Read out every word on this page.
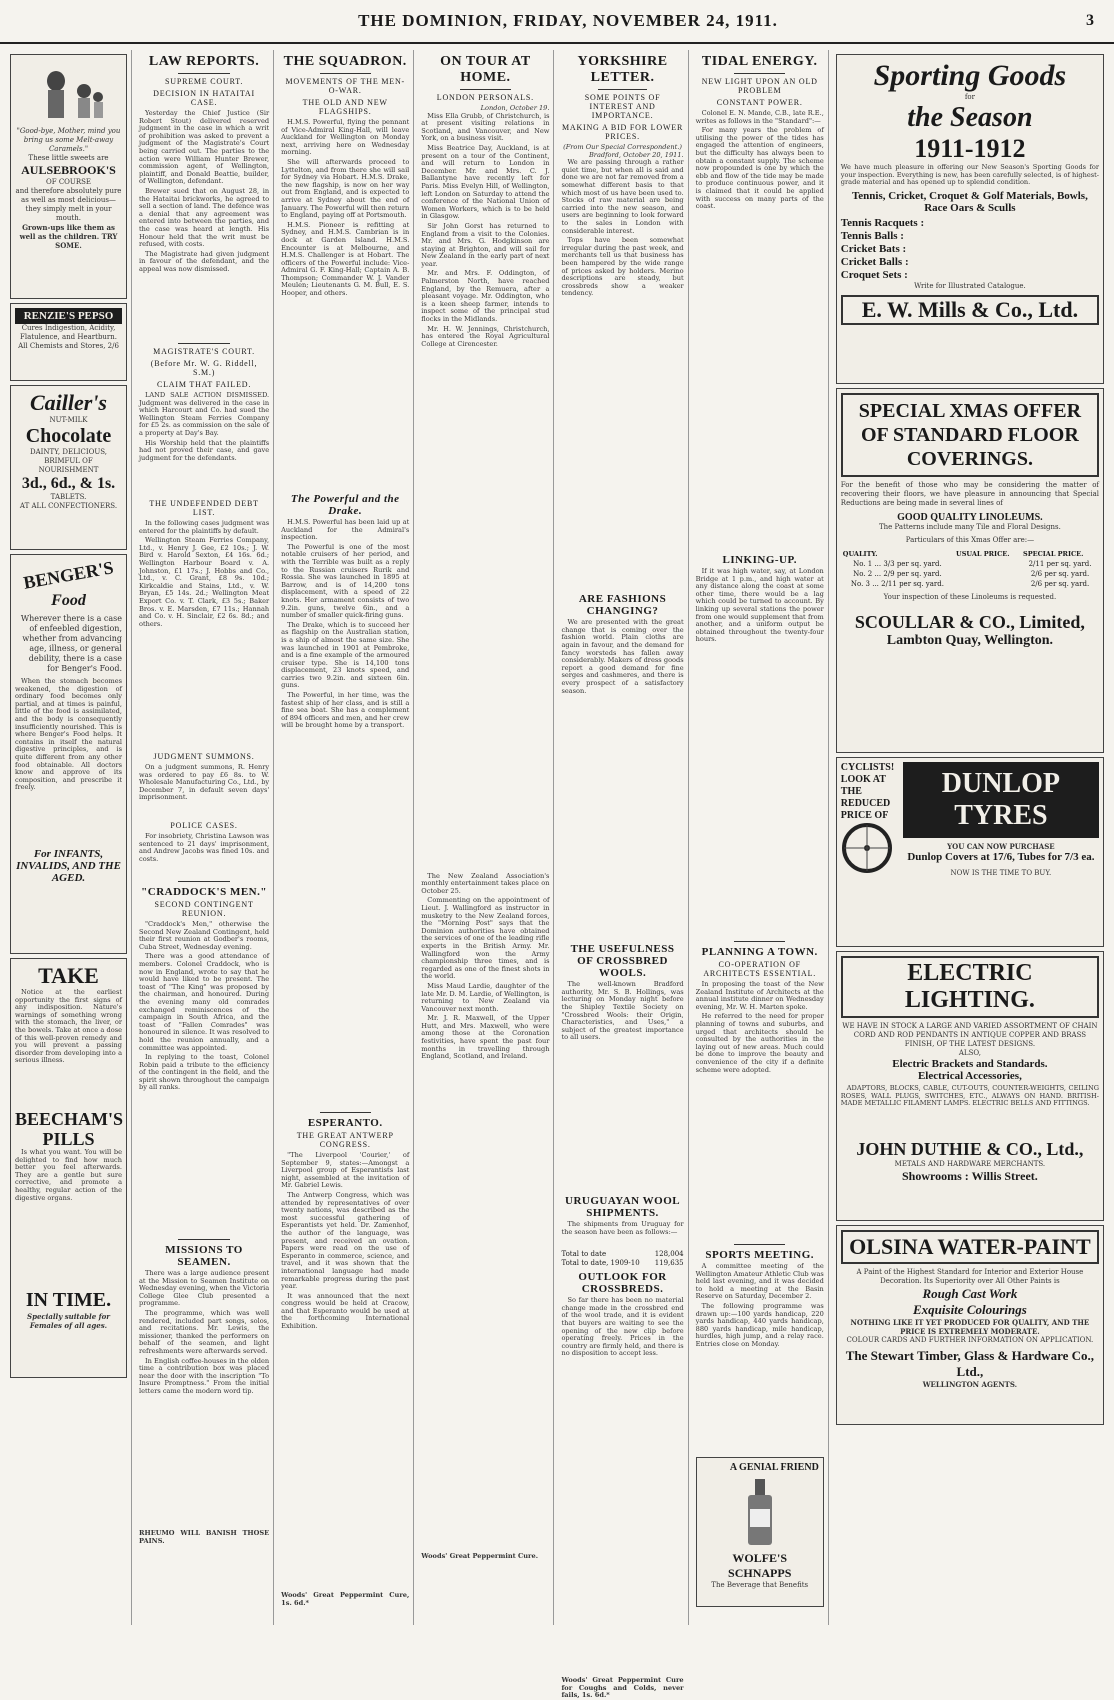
THE DOMINION, FRIDAY, NOVEMBER 24, 1911.	3
"Good-bye, Mother, mind you bring us some Melt-away Caramels."
These little sweets are
AULSEBROOK'S
OF COURSE
and therefore absolutely pure as well as most delicious—they simply melt in your mouth.
Grown-ups like them as well as the children. TRY SOME.
RENZIE'S PEPSO
Cures Indigestion, Acidity, Flatulence, and Heartburn.
All Chemists and Stores, 2/6
Cailler's
NUT-MILK
Chocolate
DAINTY, DELICIOUS, BRIMFUL OF NOURISHMENT
3d., 6d., & 1s.
TABLETS.
AT ALL CONFECTIONERS.
BENGER'S
Food
Wherever there is a case of enfeebled digestion, whether from advancing age, illness, or general debility, there is a case for Benger's Food.

When the stomach becomes weakened, the digestion of ordinary food becomes only partial, and at times is painful, little of the food is assimilated, and the body is consequently insufficiently nourished. This is where Benger's Food helps. It contains in itself the natural digestive principles, and is quite different from any other food obtainable. All doctors know and approve of its composition, and prescribe it freely.

For INFANTS, INVALIDS, AND THE AGED.
TAKE

Notice at the earliest opportunity the first signs of any indisposition. Nature's warnings of something wrong with the stomach, the liver, or the bowels. Take at once a dose of this well-proven remedy and you will prevent a passing disorder from developing into a serious illness.

BEECHAM'S PILLS

Is what you want. You will be delighted to find how much better you feel afterwards. They are a gentle but sure corrective, and promote a healthy, regular action of the digestive organs.

IN TIME.
Specially suitable for Females of all ages.
LAW REPORTS.
SUPREME COURT.
DECISION IN HATAITAI CASE.

Yesterday the Chief Justice (Sir Robert Stout) delivered reserved judgment in the case in which a writ of prohibition was asked to prevent a judgment of the Magistrate's Court being carried out. The parties to the action were William Hunter Brewer, commission agent, of Wellington, plaintiff, and Donald Beattie, builder, of Wellington, defendant.

Brewer sued that on August 28, in the Hataitai brickworks, he agreed to sell a section of land. The defence was a denial that any agreement was entered into between the parties, and the case was heard at length. His Honour held that the writ must be refused, with costs.

The Magistrate had given judgment in favour of the defendant, and the appeal was now dismissed.

MAGISTRATE'S COURT.
(Before Mr. W. G. Riddell, S.M.)
CLAIM THAT FAILED.

LAND SALE ACTION DISMISSED. Judgment was delivered in the case in which Harcourt and Co. had sued the Wellington Steam Ferries Company for £5 2s. as commission on the sale of a property at Day's Bay.

His Worship held that the plaintiffs had not proved their case, and gave judgment for the defendants.

THE UNDEFENDED DEBT LIST.

In the following cases judgment was entered for the plaintiffs by default.

Wellington Steam Ferries Company, Ltd., v. Henry J. Gee, £2 10s.; J. W. Bird v. Harold Sexton, £4 16s. 6d.; Wellington Harbour Board v. A. Johnston, £1 17s.; J. Hobbs and Co., Ltd., v. C. Grant, £8 9s. 10d.; Kirkcaldie and Stains, Ltd., v. W. Bryan, £5 14s. 2d.; Wellington Meat Export Co. v. T. Clark, £3 5s.; Baker Bros. v. E. Marsden, £7 11s.; Hannah and Co. v. H. Sinclair, £2 6s. 8d.; and others.

JUDGMENT SUMMONS.

On a judgment summons, R. Henry was ordered to pay £6 8s. to W. Wholesale Manufacturing Co., Ltd., by December 7, in default seven days' imprisonment.

POLICE CASES.

For insobriety, Christina Lawson was sentenced to 21 days' imprisonment, and Andrew Jacobs was fined 10s. and costs.

"CRADDOCK'S MEN."
SECOND CONTINGENT REUNION.

"Craddock's Men," otherwise the Second New Zealand Contingent, held their first reunion at Godber's rooms, Cuba Street, Wednesday evening.

There was a good attendance of members. Colonel Craddock, who is now in England, wrote to say that he would have liked to be present. The toast of "The King" was proposed by the chairman, and honoured. During the evening many old comrades exchanged reminiscences of the campaign in South Africa, and the toast of "Fallen Comrades" was honoured in silence. It was resolved to hold the reunion annually, and a committee was appointed.

In replying to the toast, Colonel Robin paid a tribute to the efficiency of the contingent in the field, and the spirit shown throughout the campaign by all ranks.

MISSIONS TO SEAMEN.

There was a large audience present at the Mission to Seamen Institute on Wednesday evening, when the Victoria College Glee Club presented a programme.

The programme, which was well rendered, included part songs, solos, and recitations. Mr. Lewis, the missioner, thanked the performers on behalf of the seamen, and light refreshments were afterwards served.

In English coffee-houses in the olden time a contribution box was placed near the door with the inscription "To Insure Promptness." From the initial letters came the modern word tip.

RHEUMO WILL BANISH THOSE PAINS.
THE SQUADRON.
MOVEMENTS OF THE MEN-O-WAR.
THE OLD AND NEW FLAGSHIPS.

H.M.S. Powerful, flying the pennant of Vice-Admiral King-Hall, will leave Auckland for Wellington on Monday next, arriving here on Wednesday morning.

She will afterwards proceed to Lyttelton, and from there she will sail for Sydney via Hobart. H.M.S. Drake, the new flagship, is now on her way out from England, and is expected to arrive at Sydney about the end of January. The Powerful will then return to England, paying off at Portsmouth.

H.M.S. Pioneer is refitting at Sydney, and H.M.S. Cambrian is in dock at Garden Island. H.M.S. Encounter is at Melbourne, and H.M.S. Challenger is at Hobart. The officers of the Powerful include: Vice-Admiral G. F. King-Hall; Captain A. B. Thompson; Commander W. J. Vander Meulen; Lieutenants G. M. Bull, E. S. Hooper, and others.

The Powerful and the Drake.

H.M.S. Powerful has been laid up at Auckland for the Admiral's inspection.

The Powerful is one of the most notable cruisers of her period, and with the Terrible was built as a reply to the Russian cruisers Rurik and Rossia. She was launched in 1895 at Barrow, and is of 14,200 tons displacement, with a speed of 22 knots. Her armament consists of two 9.2in. guns, twelve 6in., and a number of smaller quick-firing guns.

The Drake, which is to succeed her as flagship on the Australian station, is a ship of almost the same size. She was launched in 1901 at Pembroke, and is a fine example of the armoured cruiser type. She is 14,100 tons displacement, 23 knots speed, and carries two 9.2in. and sixteen 6in. guns.

The Powerful, in her time, was the fastest ship of her class, and is still a fine sea boat. She has a complement of 894 officers and men, and her crew will be brought home by a transport.

ESPERANTO.
THE GREAT ANTWERP CONGRESS.

"The Liverpool 'Courier,' of September 9, states:—Amongst a Liverpool group of Esperantists last night, assembled at the invitation of Mr. Gabriel Lewis.

The Antwerp Congress, which was attended by representatives of over twenty nations, was described as the most successful gathering of Esperantists yet held. Dr. Zamenhof, the author of the language, was present, and received an ovation. Papers were read on the use of Esperanto in commerce, science, and travel, and it was shown that the international language had made remarkable progress during the past year.

It was announced that the next congress would be held at Cracow, and that Esperanto would be used at the forthcoming International Exhibition.

Woods' Great Peppermint Cure, 1s. 6d.*
ON TOUR AT HOME.
LONDON PERSONALS.
London, October 19.

Miss Ella Grubb, of Christchurch, is at present visiting relations in Scotland, and Vancouver, and New York, on a business visit.

Miss Beatrice Day, Auckland, is at present on a tour of the Continent, and will return to London in December. Mr. and Mrs. C. J. Ballantyne have recently left for Paris. Miss Evelyn Hill, of Wellington, left London on Saturday to attend the conference of the National Union of Women Workers, which is to be held in Glasgow.

Sir John Gorst has returned to England from a visit to the Colonies. Mr. and Mrs. G. Hodgkinson are staying at Brighton, and will sail for New Zealand in the early part of next year.

Mr. and Mrs. F. Oddington, of Palmerston North, have reached England, by the Remuera, after a pleasant voyage. Mr. Oddington, who is a keen sheep farmer, intends to inspect some of the principal stud flocks in the Midlands.

Mr. H. W. Jennings, Christchurch, has entered the Royal Agricultural College at Cirencester.

The New Zealand Association's monthly entertainment takes place on October 25.

Commenting on the appointment of Lieut. J. Wallingford as instructor in musketry to the New Zealand forces, the "Morning Post" says that the Dominion authorities have obtained the services of one of the leading rifle experts in the British Army. Mr. Wallingford won the Army championship three times, and is regarded as one of the finest shots in the world.

Miss Maud Lardie, daughter of the late Mr. D. M. Lardie, of Wellington, is returning to New Zealand via Vancouver next month.

Mr. J. R. Maxwell, of the Upper Hutt, and Mrs. Maxwell, who were among those at the Coronation festivities, have spent the past four months in travelling through England, Scotland, and Ireland.

Woods' Great Peppermint Cure.
YORKSHIRE LETTER.
SOME POINTS OF INTEREST AND IMPORTANCE.
MAKING A BID FOR LOWER PRICES.
(From Our Special Correspondent.)
Bradford, October 20, 1911.

We are passing through a rather quiet time, but when all is said and done we are not far removed from a somewhat different basis to that which most of us have been used to. Stocks of raw material are being carried into the new season, and users are beginning to look forward to the sales in London with considerable interest.

Tops have been somewhat irregular during the past week, and merchants tell us that business has been hampered by the wide range of prices asked by holders. Merino descriptions are steady, but crossbreds show a weaker tendency.

ARE FASHIONS CHANGING?

We are presented with the great change that is coming over the fashion world. Plain cloths are again in favour, and the demand for fancy worsteds has fallen away considerably. Makers of dress goods report a good demand for fine serges and cashmeres, and there is every prospect of a satisfactory season.

THE USEFULNESS OF CROSSBRED WOOLS.

The well-known Bradford authority, Mr. S. B. Hollings, was lecturing on Monday night before the Shipley Textile Society on "Crossbred Wools: their Origin, Characteristics, and Uses," a subject of the greatest importance to all users.

URUGUAYAN WOOL SHIPMENTS.

The shipments from Uruguay for the season have been as follows:—

Total to date	128,004
Total to date, 1909-10 119,635
OUTLOOK FOR CROSSBREDS.

So far there has been no material change made in the crossbred end of the wool trade, and it is evident that buyers are waiting to see the opening of the new clip before operating freely. Prices in the country are firmly held, and there is no disposition to accept less.

Woods' Great Peppermint Cure for Coughs and Colds, never fails, 1s. 6d.*
TIDAL ENERGY.
NEW LIGHT UPON AN OLD PROBLEM
CONSTANT POWER.

Colonel E. N. Mande, C.B., late R.E., writes as follows in the "Standard":—

For many years the problem of utilising the power of the tides has engaged the attention of engineers, but the difficulty has always been to obtain a constant supply. The scheme now propounded is one by which the ebb and flow of the tide may be made to produce continuous power, and it is claimed that it could be applied with success on many parts of the coast.

LINKING-UP.

If it was high water, say, at London Bridge at 1 p.m., and high water at any distance along the coast at some other time, there would be a lag which could be turned to account. By linking up several stations the power from one would supplement that from another, and a uniform output be obtained throughout the twenty-four hours.

PLANNING A TOWN.
CO-OPERATION OF ARCHITECTS ESSENTIAL.

In proposing the toast of the New Zealand Institute of Architects at the annual institute dinner on Wednesday evening, Mr. W. H. Marten spoke.

He referred to the need for proper planning of towns and suburbs, and urged that architects should be consulted by the authorities in the laying out of new areas. Much could be done to improve the beauty and convenience of the city if a definite scheme were adopted.

SPORTS MEETING.

A committee meeting of the Wellington Amateur Athletic Club was held last evening, and it was decided to hold a meeting at the Basin Reserve on Saturday, December 2.

The following programme was drawn up:—100 yards handicap, 220 yards handicap, 440 yards handicap, 880 yards handicap, mile handicap, hurdles, high jump, and a relay race. Entries close on Monday.

A GENIAL FRIEND
WOLFE'S SCHNAPPS
The Beverage that Benefits
Sporting Goods
for
the Season
1911-1912
We have much pleasure in offering our New Season's Sporting Goods for your inspection. Everything is new, has been carefully selected, is of highest-grade material and has opened up to splendid condition.
Tennis, Cricket, Croquet & Golf Materials, Bowls, Race Oars & Sculls
Tennis Racquets :
Tennis Balls :
Cricket Bats :
Cricket Balls :
Croquet Sets :
Write for Illustrated Catalogue.
E. W. Mills & Co., Ltd.
SPECIAL XMAS OFFER OF STANDARD FLOOR COVERINGS.
For the benefit of those who may be considering the matter of recovering their floors, we have pleasure in announcing that Special Reductions are being made in several lines of
GOOD QUALITY LINOLEUMS.
The Patterns include many Tile and Floral Designs.
Particulars of this Xmas Offer are:—
QUALITY.	USUAL PRICE.	SPECIAL PRICE.
No. 1 ... 3/3 per sq. yard.		2/11 per sq. yard.
No. 2 ... 2/9 per sq. yard.		2/6 per sq. yard.
No. 3 ... 2/11 per sq. yard.		2/6 per sq. yard.
Your inspection of these Linoleums is requested.
SCOULLAR & CO., Limited,
Lambton Quay, Wellington.
CYCLISTS! LOOK AT THE REDUCED PRICE OF
DUNLOP TYRES
YOU CAN NOW PURCHASE
Dunlop Covers at 17/6, Tubes for 7/3 ea.
NOW IS THE TIME TO BUY.
ELECTRIC LIGHTING.
WE HAVE IN STOCK A LARGE AND VARIED ASSORTMENT OF CHAIN CORD AND ROD PENDANTS IN ANTIQUE COPPER AND BRASS FINISH, OF THE LATEST DESIGNS.
ALSO,
Electric Brackets and Standards.
Electrical Accessories,

ADAPTORS, BLOCKS, CABLE, CUT-OUTS, COUNTER-WEIGHTS, CEILING ROSES, WALL PLUGS, SWITCHES, ETC., ALWAYS ON HAND. BRITISH-MADE METALLIC FILAMENT LAMPS. ELECTRIC BELLS AND FITTINGS.

JOHN DUTHIE & CO., Ltd.,
METALS AND HARDWARE MERCHANTS.
Showrooms : Willis Street.
OLSINA WATER-PAINT
A Paint of the Highest Standard for Interior and Exterior House Decoration. Its Superiority over All Other Paints is
Rough Cast Work
Exquisite Colourings
NOTHING LIKE IT YET PRODUCED FOR QUALITY, AND THE PRICE IS EXTREMELY MODERATE.
COLOUR CARDS AND FURTHER INFORMATION ON APPLICATION.
The Stewart Timber, Glass & Hardware Co., Ltd.,
WELLINGTON AGENTS.
